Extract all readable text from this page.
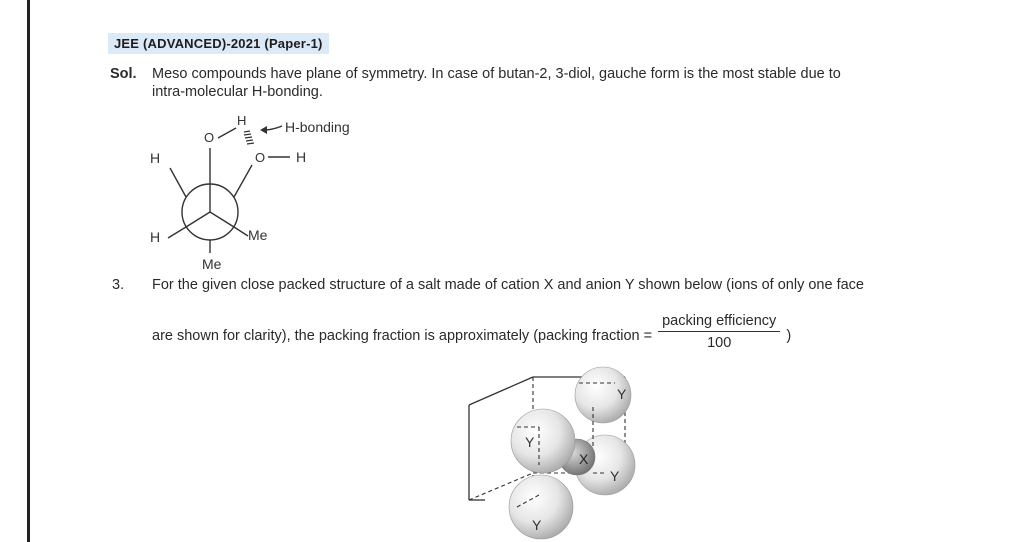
JEE (ADVANCED)-2021 (Paper-1)
Sol. Meso compounds have plane of symmetry. In case of butan-2, 3-diol, gauche form is the most stable due to
intra-molecular H-bonding.
O
H	H-bonding
O H
H
H	Me
Me
3. For the given close packed structure of a salt made of cation X and anion Y shown below (ions of only one face
are shown for clarity), the packing fraction is approximately (packing fraction = $\frac{\text{packing efficiency}}{100}$ )
Y
Y
X
Y
Y
